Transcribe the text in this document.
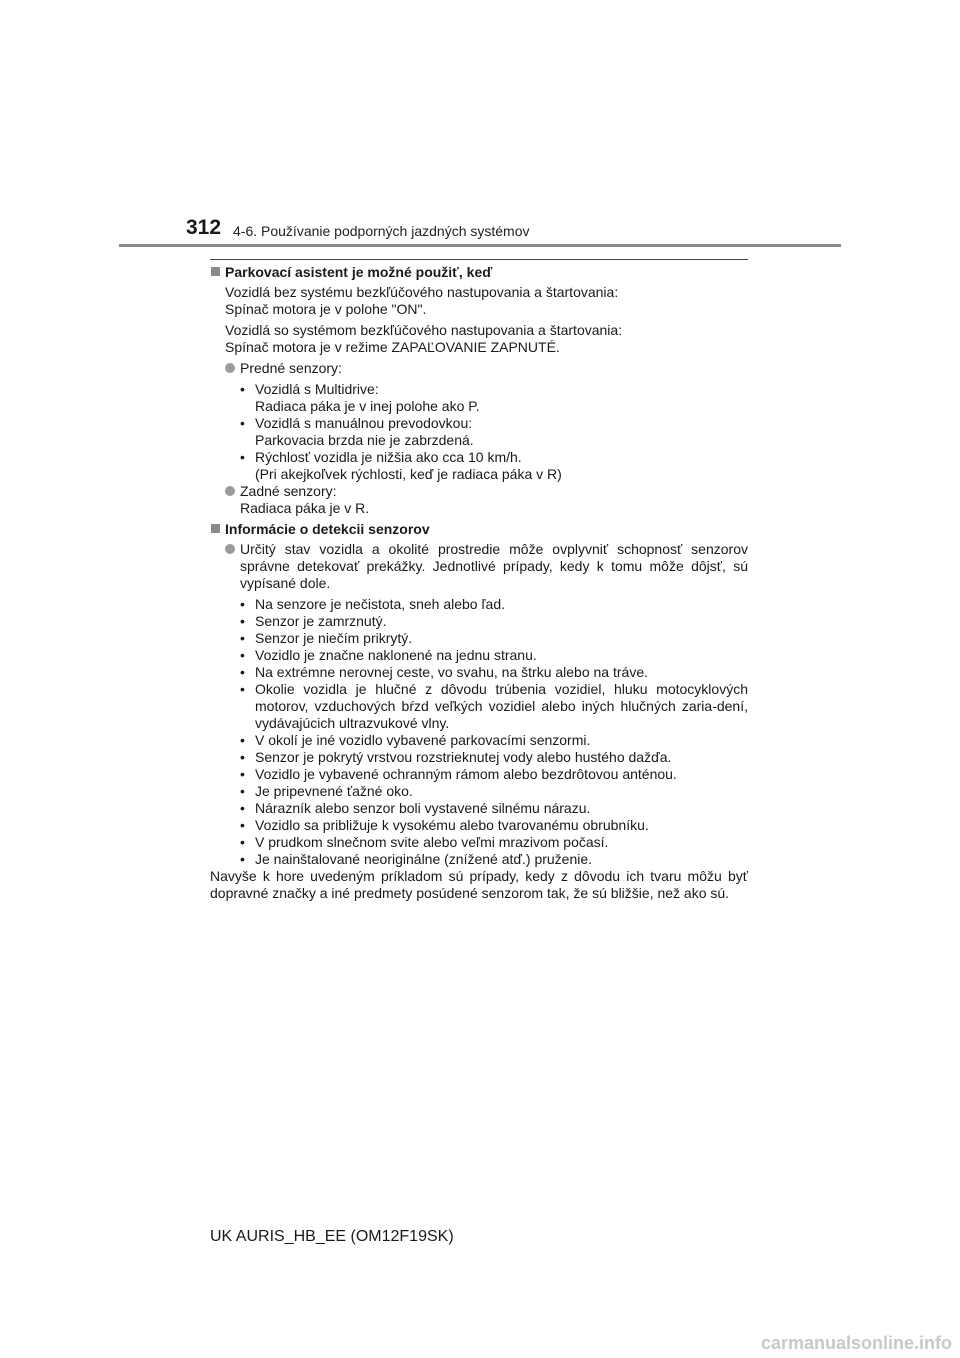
312 4-6. Používanie podporných jazdných systémov
Parkovací asistent je možné použiť, keď
Vozidlá bez systému bezkľúčového nastupovania a štartovania:
Spínač motora je v polohe "ON".
Vozidlá so systémom bezkľúčového nastupovania a štartovania:
Spínač motora je v režime ZAPAĽOVANIE ZAPNUTÉ.
Predné senzory:
• Vozidlá s Multidrive:
Radiaca páka je v inej polohe ako P.
• Vozidlá s manuálnou prevodovkou:
Parkovacia brzda nie je zabrzdená.
• Rýchlosť vozidla je nižšia ako cca 10 km/h.
(Pri akejkoľvek rýchlosti, keď je radiaca páka v R)
Zadné senzory:
Radiaca páka je v R.
Informácie o detekcii senzorov
Určitý stav vozidla a okolité prostredie môže ovplyvniť schopnosť senzorov správne detekovať prekážky. Jednotlivé prípady, kedy k tomu môže dôjsť, sú vypísané dole.
• Na senzore je nečistota, sneh alebo ľad.
• Senzor je zamrznutý.
• Senzor je niečím prikrytý.
• Vozidlo je značne naklonené na jednu stranu.
• Na extrémne nerovnej ceste, vo svahu, na štrku alebo na tráve.
• Okolie vozidla je hlučné z dôvodu trúbenia vozidiel, hluku motocyklových motorov, vzduchových bŕzd veľkých vozidiel alebo iných hlučných zaria-dení, vydávajúcich ultrazvukové vlny.
• V okolí je iné vozidlo vybavené parkovacími senzormi.
• Senzor je pokrytý vrstvou rozstrieknutej vody alebo hustého dažďa.
• Vozidlo je vybavené ochranným rámom alebo bezdrôtovou anténou.
• Je pripevnené ťažné oko.
• Nárazník alebo senzor boli vystavené silnému nárazu.
• Vozidlo sa približuje k vysokému alebo tvarovanému obrubníku.
• V prudkom slnečnom svite alebo veľmi mrazivom počasí.
• Je nainštalované neoriginálne (znížené atď.) pruženie.
Navyše k hore uvedeným príkladom sú prípady, kedy z dôvodu ich tvaru môžu byť dopravné značky a iné predmety posúdené senzorom tak, že sú bližšie, než ako sú.
UK AURIS_HB_EE (OM12F19SK)
carmanualsonline.info
